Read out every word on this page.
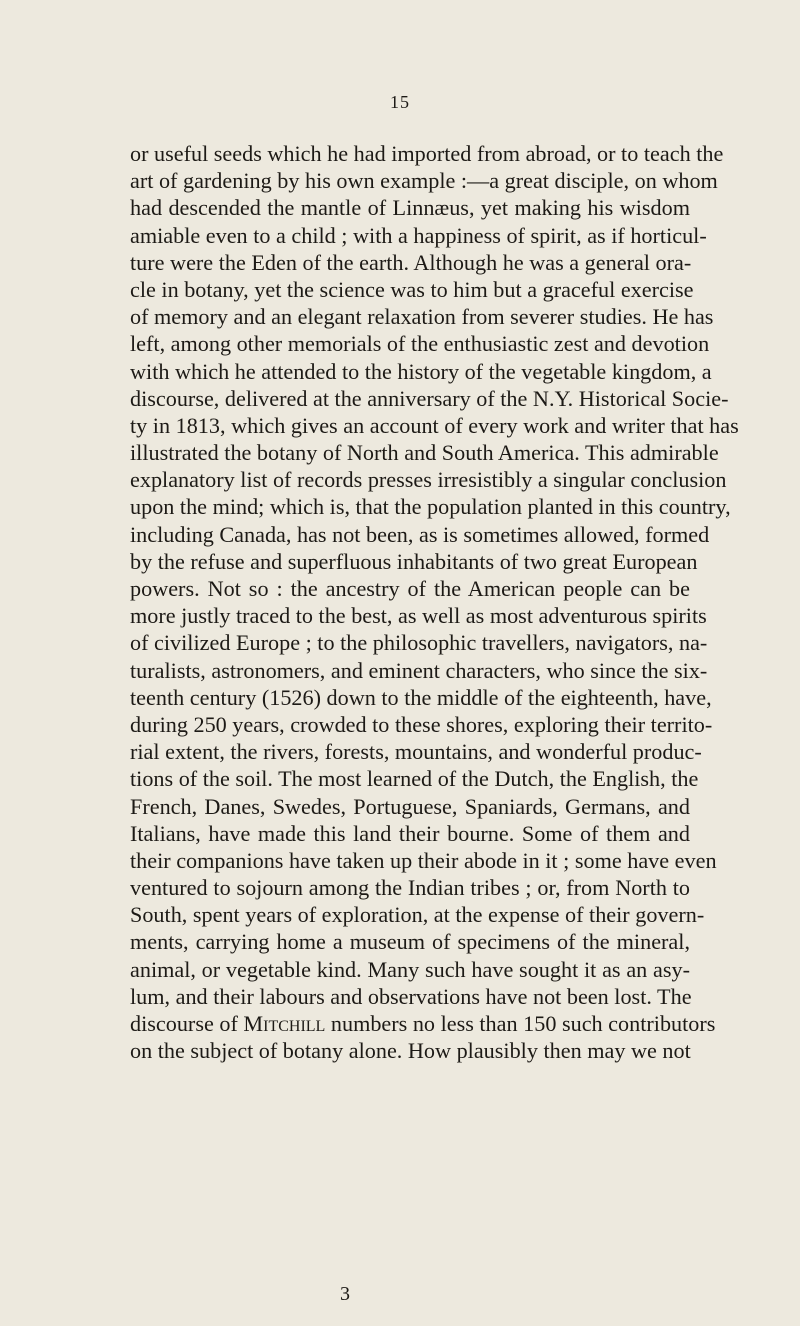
15
or useful seeds which he had imported from abroad, or to teach the
art of gardening by his own example :—a great disciple, on whom
had descended the mantle of Linnæus, yet making his wisdom
amiable even to a child ; with a happiness of spirit, as if horticul-
ture were the Eden of the earth. Although he was a general ora-
cle in botany, yet the science was to him but a graceful exercise
of memory and an elegant relaxation from severer studies. He has
left, among other memorials of the enthusiastic zest and devotion
with which he attended to the history of the vegetable kingdom, a
discourse, delivered at the anniversary of the N.Y. Historical Socie-
ty in 1813, which gives an account of every work and writer that has
illustrated the botany of North and South America. This admirable
explanatory list of records presses irresistibly a singular conclusion
upon the mind; which is, that the population planted in this country,
including Canada, has not been, as is sometimes allowed, formed
by the refuse and superfluous inhabitants of two great European
powers. Not so : the ancestry of the American people can be
more justly traced to the best, as well as most adventurous spirits
of civilized Europe ; to the philosophic travellers, navigators, na-
turalists, astronomers, and eminent characters, who since the six-
teenth century (1526) down to the middle of the eighteenth, have,
during 250 years, crowded to these shores, exploring their territo-
rial extent, the rivers, forests, mountains, and wonderful produc-
tions of the soil. The most learned of the Dutch, the English, the
French, Danes, Swedes, Portuguese, Spaniards, Germans, and
Italians, have made this land their bourne. Some of them and
their companions have taken up their abode in it ; some have even
ventured to sojourn among the Indian tribes ; or, from North to
South, spent years of exploration, at the expense of their govern-
ments, carrying home a museum of specimens of the mineral,
animal, or vegetable kind. Many such have sought it as an asy-
lum, and their labours and observations have not been lost. The
discourse of Mitchill numbers no less than 150 such contributors
on the subject of botany alone. How plausibly then may we not
3
